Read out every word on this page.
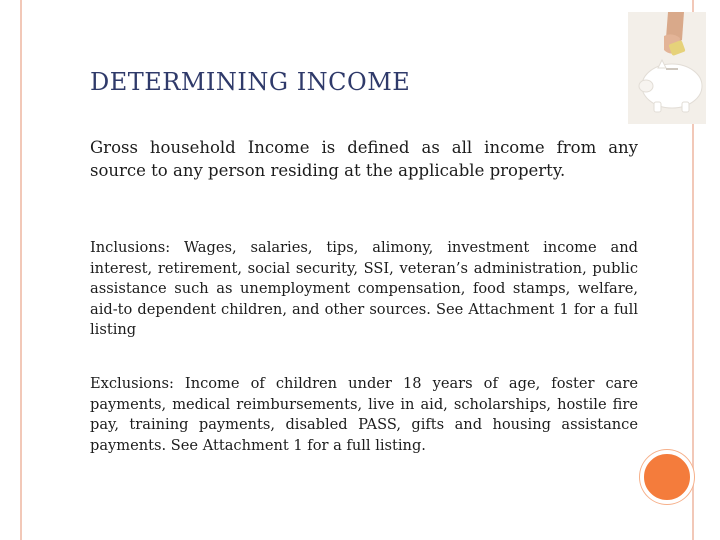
DETERMINING INCOME
Gross household Income is defined as all income from any source to any person residing at the applicable property.
Inclusions: Wages, salaries, tips, alimony, investment income and interest, retirement, social security, SSI, veteran’s administration, public assistance such as unemployment compensation, food stamps, welfare, aid-to dependent children, and other sources. See Attachment 1 for a full listing
Exclusions: Income of children under 18 years of age, foster care payments, medical reimbursements, live in aid, scholarships, hostile fire pay, training payments, disabled PASS, gifts and housing assistance payments. See Attachment 1 for a full listing.
